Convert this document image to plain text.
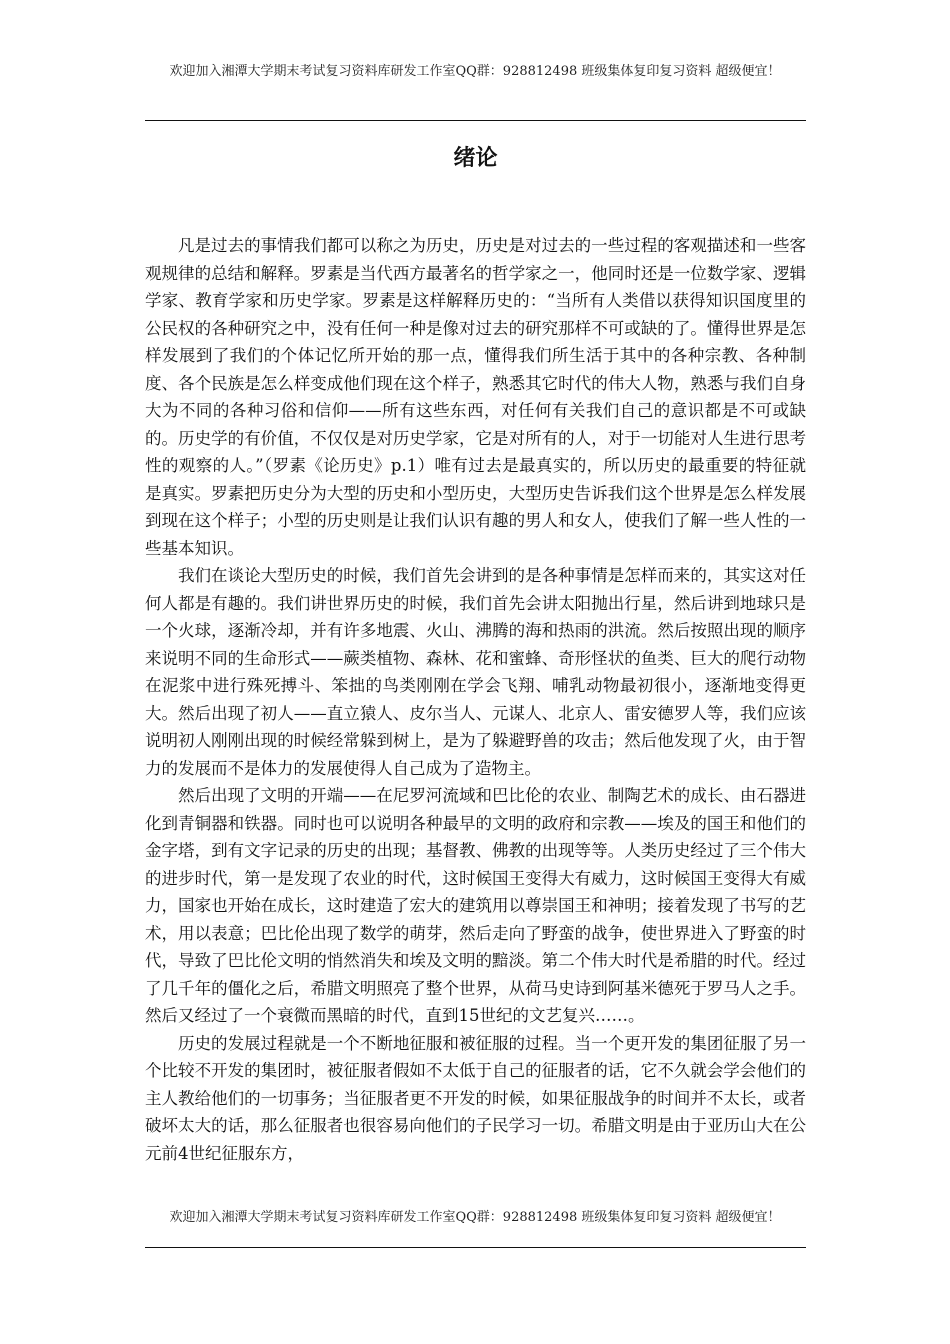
欢迎加入湘潭大学期末考试复习资料库研发工作室QQ群：928812498 班级集体复印复习资料 超级便宜！
绪论

凡是过去的事情我们都可以称之为历史，历史是对过去的一些过程的客观描述和一些客观规律的总结和解释。罗素是当代西方最著名的哲学家之一，他同时还是一位数学家、逻辑学家、教育学家和历史学家。罗素是这样解释历史的：“当所有人类借以获得知识国度里的公民权的各种研究之中，没有任何一种是像对过去的研究那样不可或缺的了。懂得世界是怎样发展到了我们的个体记忆所开始的那一点，懂得我们所生活于其中的各种宗教、各种制度、各个民族是怎么样变成他们现在这个样子，熟悉其它时代的伟大人物，熟悉与我们自身大为不同的各种习俗和信仰——所有这些东西，对任何有关我们自己的意识都是不可或缺的。历史学的有价值，不仅仅是对历史学家，它是对所有的人，对于一切能对人生进行思考性的观察的人。”（罗素《论历史》p.1）唯有过去是最真实的，所以历史的最重要的特征就是真实。罗素把历史分为大型的历史和小型历史，大型历史告诉我们这个世界是怎么样发展到现在这个样子；小型的历史则是让我们认识有趣的男人和女人，使我们了解一些人性的一些基本知识。

我们在谈论大型历史的时候，我们首先会讲到的是各种事情是怎样而来的，其实这对任何人都是有趣的。我们讲世界历史的时候，我们首先会讲太阳抛出行星，然后讲到地球只是一个火球，逐渐冷却，并有许多地震、火山、沸腾的海和热雨的洪流。然后按照出现的顺序来说明不同的生命形式——蕨类植物、森林、花和蜜蜂、奇形怪状的鱼类、巨大的爬行动物在泥浆中进行殊死搏斗、笨拙的鸟类刚刚在学会飞翔、哺乳动物最初很小，逐渐地变得更大。然后出现了初人——直立猿人、皮尔当人、元谋人、北京人、雷安德罗人等，我们应该说明初人刚刚出现的时候经常躲到树上，是为了躲避野兽的攻击；然后他发现了火，由于智力的发展而不是体力的发展使得人自己成为了造物主。

然后出现了文明的开端——在尼罗河流域和巴比伦的农业、制陶艺术的成长、由石器进化到青铜器和铁器。同时也可以说明各种最早的文明的政府和宗教——埃及的国王和他们的金字塔，到有文字记录的历史的出现；基督教、佛教的出现等等。人类历史经过了三个伟大的进步时代，第一是发现了农业的时代，这时候国王变得大有威力，这时候国王变得大有威力，国家也开始在成长，这时建造了宏大的建筑用以尊崇国王和神明；接着发现了书写的艺术，用以表意；巴比伦出现了数学的萌芽，然后走向了野蛮的战争，使世界进入了野蛮的时代，导致了巴比伦文明的悄然消失和埃及文明的黯淡。第二个伟大时代是希腊的时代。经过了几千年的僵化之后，希腊文明照亮了整个世界，从荷马史诗到阿基米德死于罗马人之手。然后又经过了一个衰微而黑暗的时代，直到15世纪的文艺复兴……。

历史的发展过程就是一个不断地征服和被征服的过程。当一个更开发的集团征服了另一个比较不开发的集团时，被征服者假如不太低于自己的征服者的话，它不久就会学会他们的主人教给他们的一切事务；当征服者更不开发的时候，如果征服战争的时间并不太长，或者破坏太大的话，那么征服者也很容易向他们的子民学习一切。希腊文明是由于亚历山大在公元前4世纪征服东方，

欢迎加入湘潭大学期末考试复习资料库研发工作室QQ群：928812498 班级集体复印复习资料 超级便宜！
